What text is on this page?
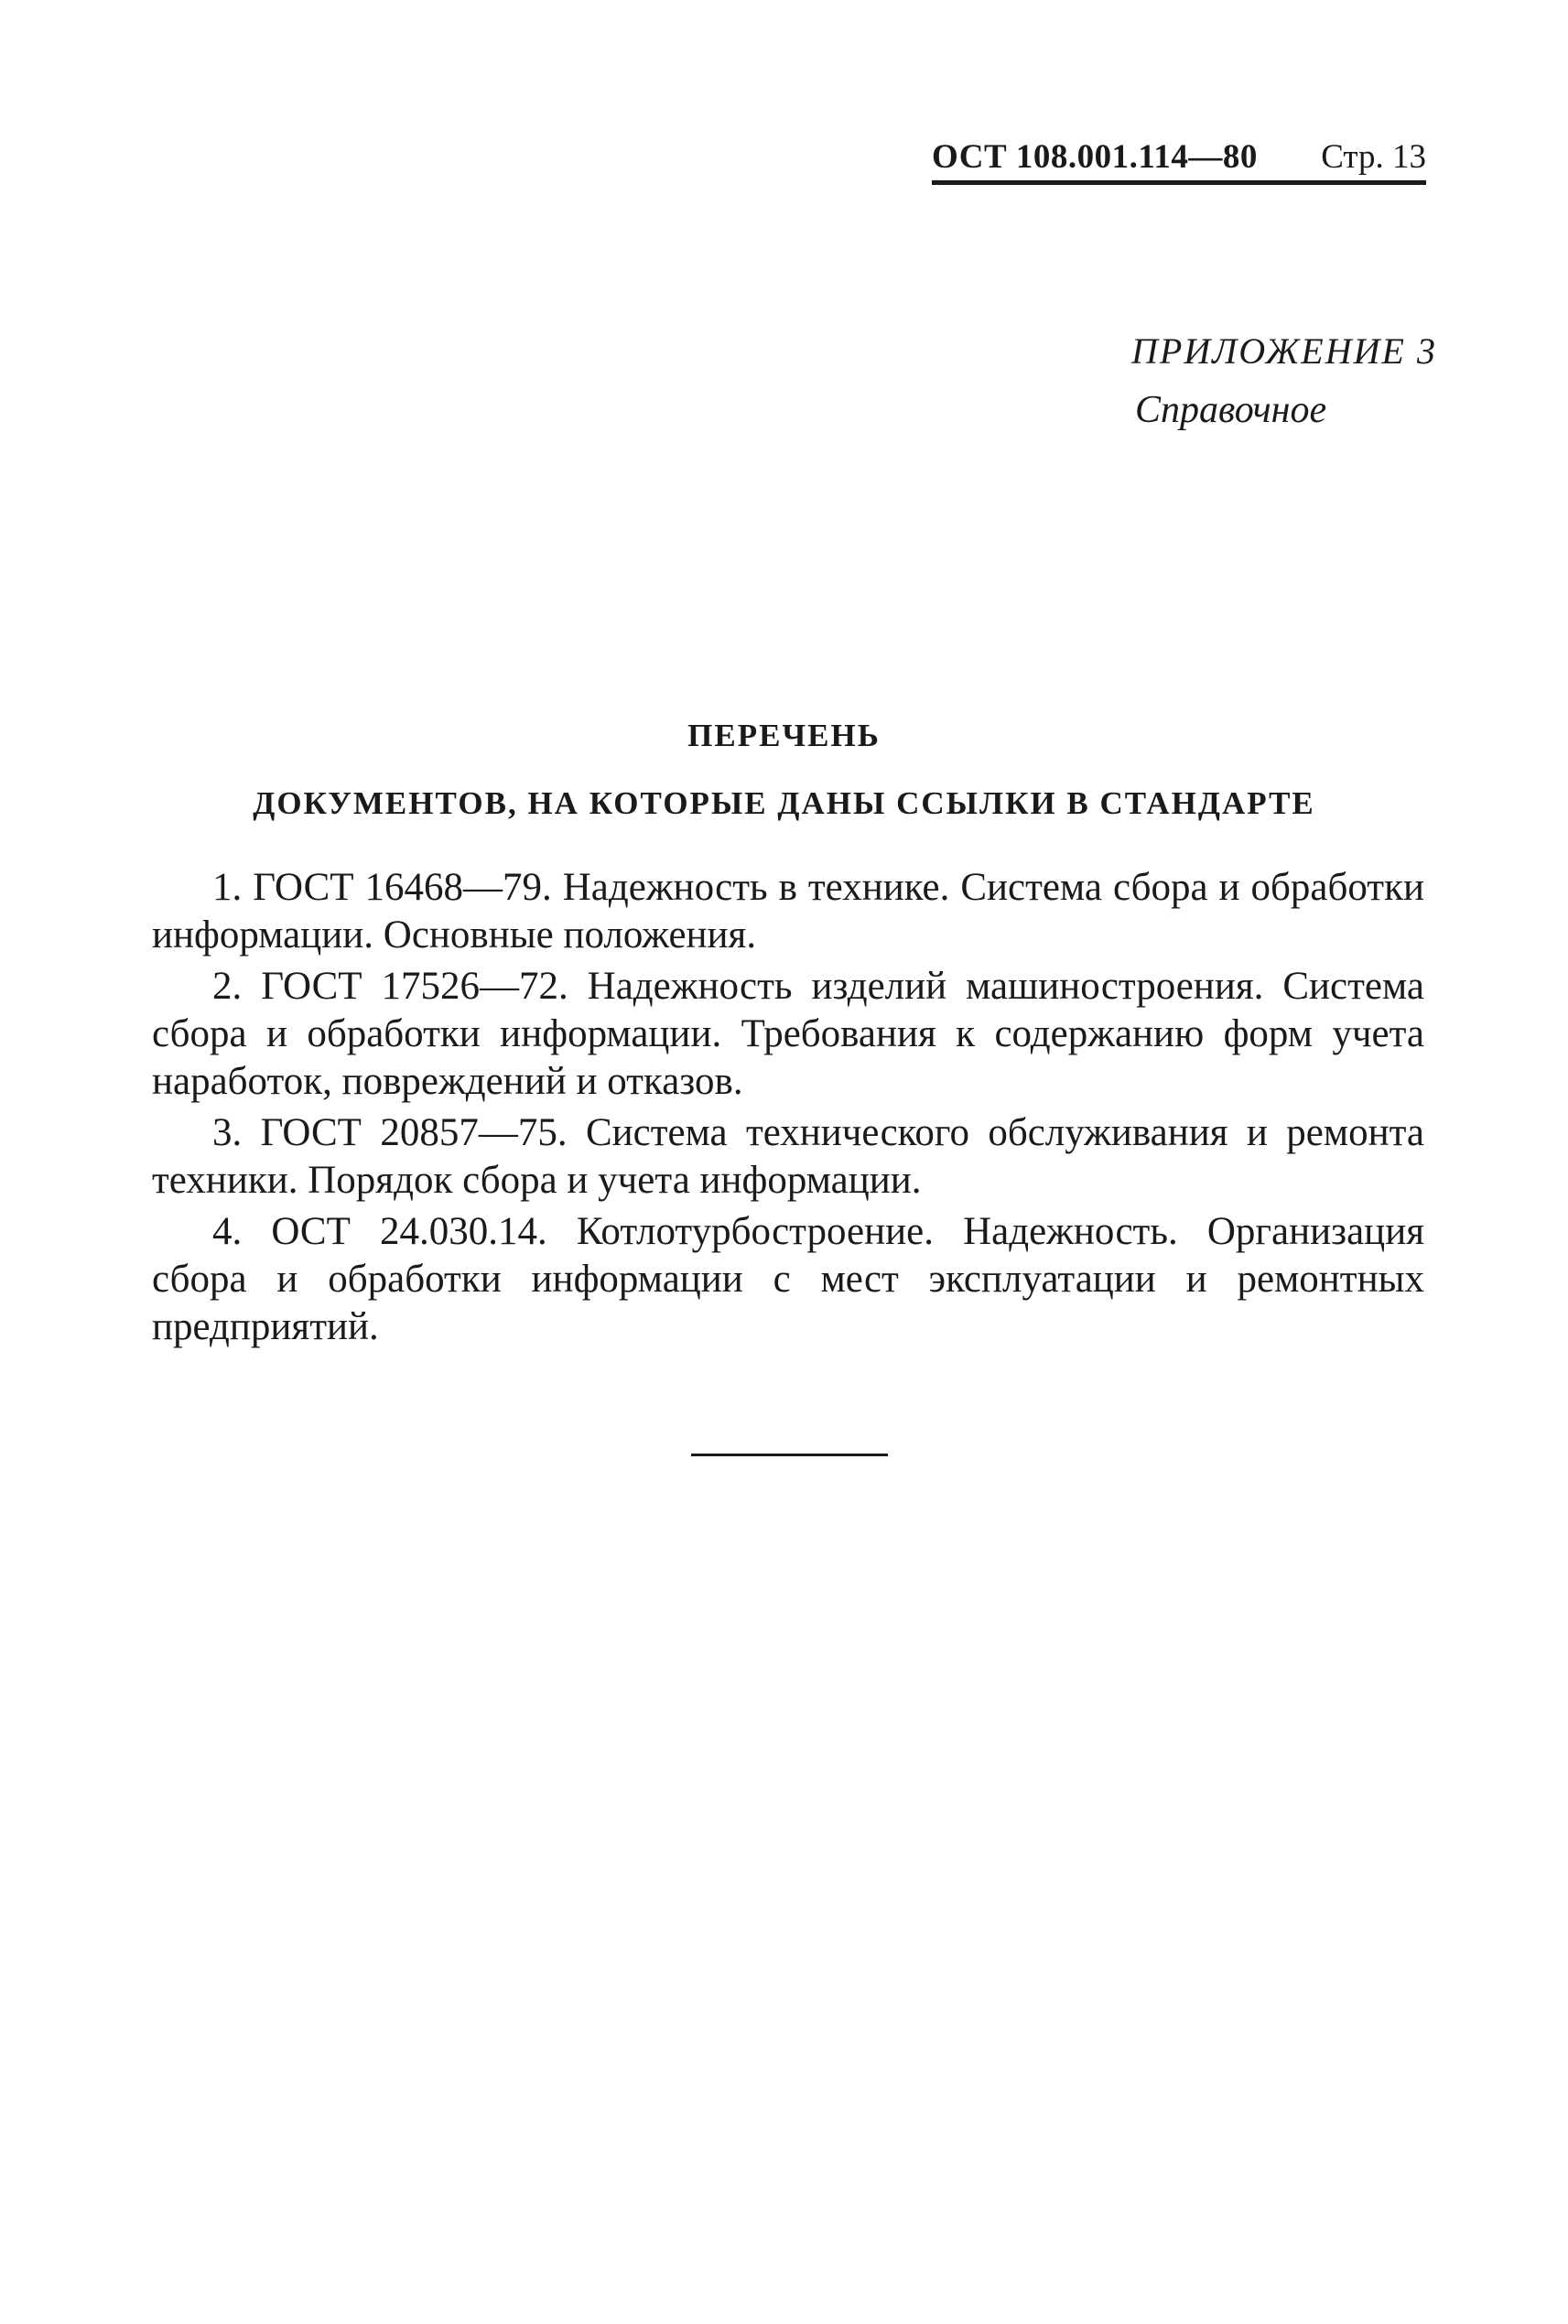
ОСТ 108.001.114—80 Стр. 13
ПРИЛОЖЕНИЕ 3
Справочное
ПЕРЕЧЕНЬ
ДОКУМЕНТОВ, НА КОТОРЫЕ ДАНЫ ССЫЛКИ В СТАНДАРТЕ

1. ГОСТ 16468—79. Надежность в технике. Система сбора и обработки информации. Основные положения.

2. ГОСТ 17526—72. Надежность изделий машиностроения. Система сбора и обработки информации. Требования к содержанию форм учета наработок, повреждений и отказов.

3. ГОСТ 20857—75. Система технического обслуживания и ремонта техники. Порядок сбора и учета информации.

4. ОСТ 24.030.14. Котлотурбостроение. Надежность. Организация сбора и обработки информации с мест эксплуатации и ремонтных предприятий.
